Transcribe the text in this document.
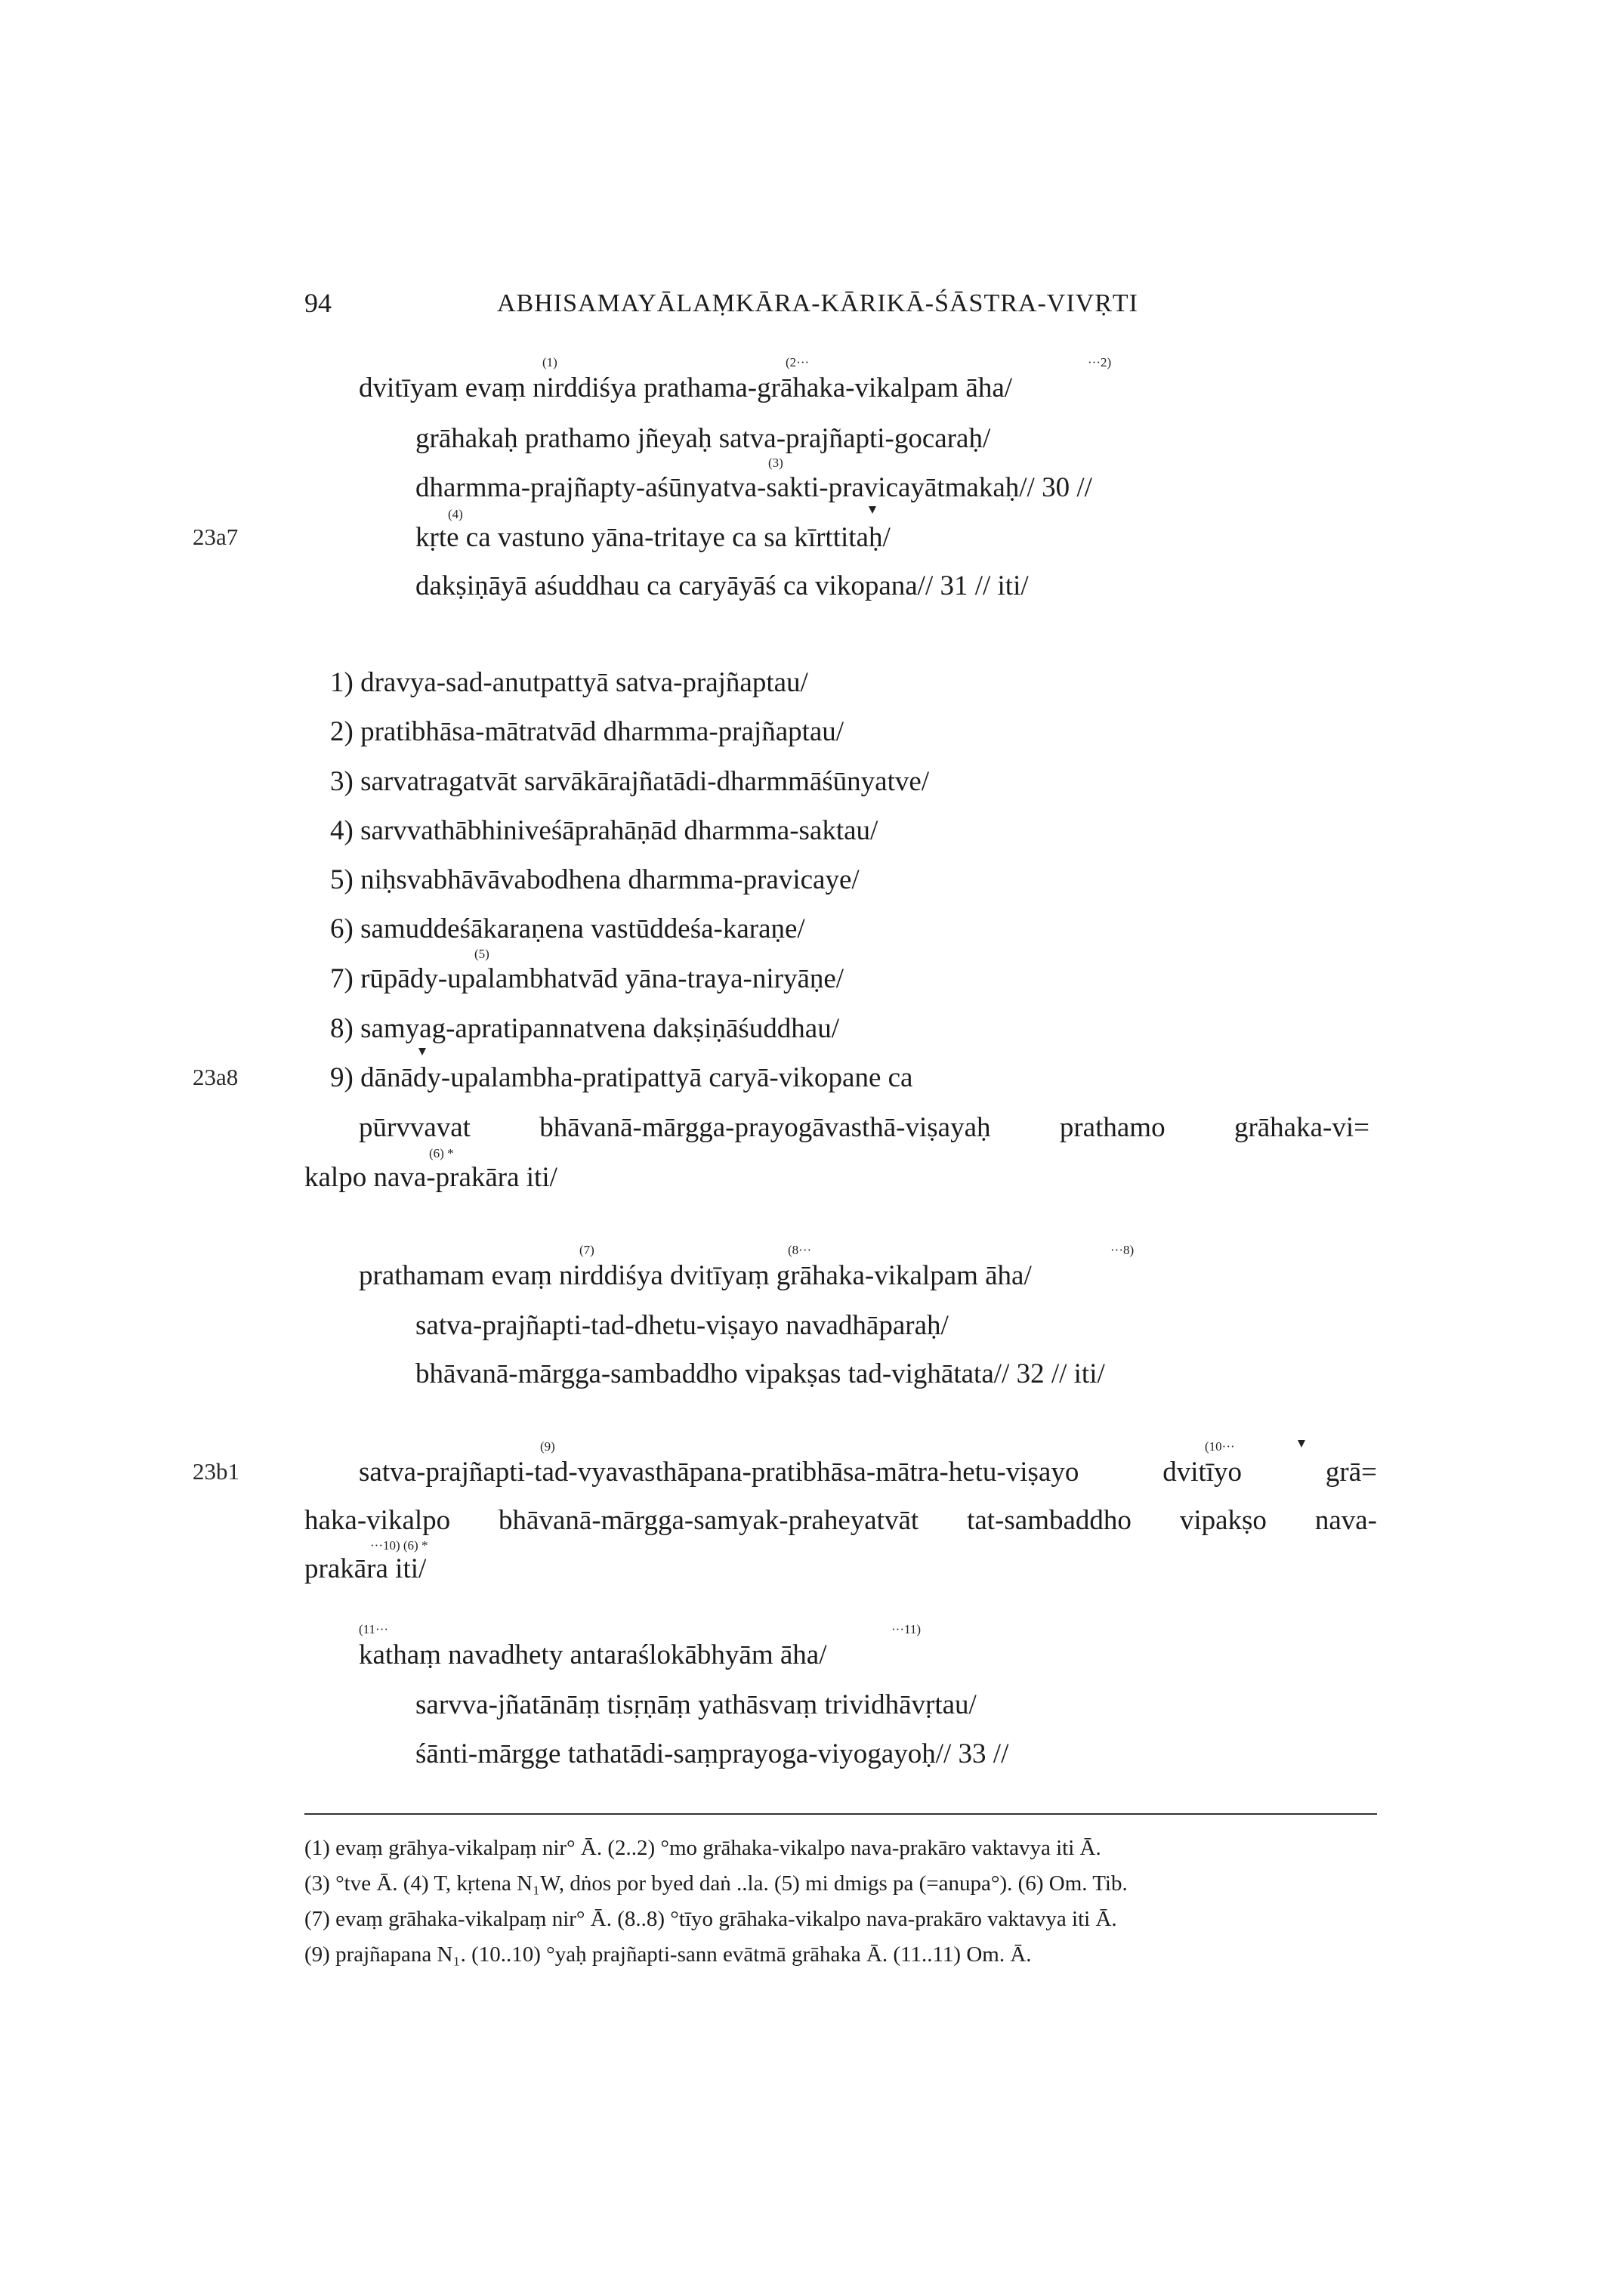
94	ABHISAMAYĀLAṂKĀRA-KĀRIKĀ-ŚĀSTRA-VIVṚTI
(1)	(2···	···2)
dvitīyam evaṃ nirddiśya prathama-grāhaka-vikalpam āha/
grāhakaḥ prathamo jñeyaḥ satva-prajñapti-gocaraḥ/
(3)
dharmma-prajñapty-aśūnyatva-sakti-pravicayātmakaḥ// 30 //
(4)
23a7	kṛte ca vastuno yāna-tritaye ca sa kīrttitaḥ/
dakṣiṇāyā aśuddhau ca caryāyāś ca vikopana// 31 // iti/
1) dravya-sad-anutpattyā satva-prajñaptau/
2) pratibhāsa-mātratvād dharmma-prajñaptau/
3) sarvatragatvāt sarvākārajñatādi-dharmmāśūnyatve/
4) sarvvathābhiniveśāprahāṇād dharmma-saktau/
5) niḥsvabhāvāvabodhena dharmma-pravicaye/
6) samuddeśākaraṇena vastūddeśa-karaṇe/
(5)
7) rūpādy-upalambhatvād yāna-traya-niryāṇe/
8) samyag-apratipannatvena dakṣiṇāśuddhau/
23a8	9) dānādy-upalambha-pratipattyā caryā-vikopane ca
pūrvvavat bhāvanā-mārgga-prayogāvasthā-viṣayaḥ prathamo grāhaka-vi=
(6) *
kalpo nava-prakāra iti/
(7)	(8···	···8)
prathamam evaṃ nirddiśya dvitīyaṃ grāhaka-vikalpam āha/
satva-prajñapti-tad-dhetu-viṣayo navadhāparaḥ/
bhāvanā-mārgga-sambaddho vipakṣas tad-vighātata// 32 // iti/
(9)	(10···
23b1	satva-prajñapti-tad-vyavasthāpana-pratibhāsa-mātra-hetu-viṣayo dvitīyo grā=
haka-vikalpo bhāvanā-mārgga-samyak-praheyatvāt tat-sambaddho vipakṣo nava-
···10) (6) *
prakāra iti/
(11···	···11)
kathaṃ navadhety antaraślokābhyām āha/
sarvva-jñatānāṃ tisṛṇāṃ yathāsvaṃ trividhāvṛtau/
śānti-mārgge tathatādi-saṃprayoga-viyogayoḥ// 33 //
(1) evaṃ grāhya-vikalpaṃ nir° Ā. (2..2) °mo grāhaka-vikalpo nava-prakāro vaktavya iti Ā.
(3) °tve Ā. (4) T, kṛtena N₁W, dṅos por byed daṅ ..la. (5) mi dmigs pa (=anupa°). (6) Om. Tib.
(7) evaṃ grāhaka-vikalpaṃ nir° Ā. (8..8) °tīyo grāhaka-vikalpo nava-prakāro vaktavya iti Ā.
(9) prajñapana N₁. (10..10) °yaḥ prajñapti-sann evātmā grāhaka Ā. (11..11) Om. Ā.
